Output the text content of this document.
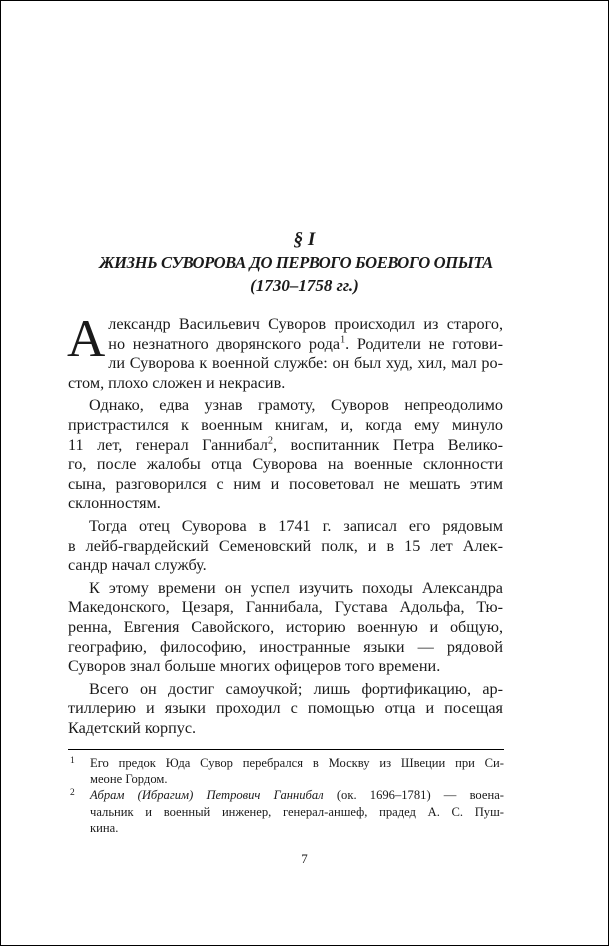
§ I
ЖИЗНЬ СУВОРОВА ДО ПЕРВОГО БОЕВОГО ОПЫТА
(1730–1758 гг.)
А лександр Васильевич Суворов происходил из старого,
но незнатного дворянского рода$^1$. Родители не готови-
ли Суворова к военной службе: он был худ, хил, мал ро-
стом, плохо сложен и некрасив.
Однако, едва узнав грамоту, Суворов непреодолимо
пристрастился к военным книгам, и, когда ему минуло
11 лет, генерал Ганнибал$^2$, воспитанник Петра Велико-
го, после жалобы отца Суворова на военные склонности
сына, разговорился с ним и посоветовал не мешать этим
склонностям.
Тогда отец Суворова в 1741 г. записал его рядовым
в лейб-гвардейский Семеновский полк, и в 15 лет Алек-
сандр начал службу.
К этому времени он успел изучить походы Александра
Македонского, Цезаря, Ганнибала, Густава Адольфа, Тю-
ренна, Евгения Савойского, историю военную и общую,
географию, философию, иностранные языки — рядовой
Суворов знал больше многих офицеров того времени.
Всего он достиг самоучкой; лишь фортификацию, ар-
тиллерию и языки проходил с помощью отца и посещая
Кадетский корпус.
1 Его предок Юда Сувор перебрался в Москву из Швеции при Си-
меоне Гордом.
2 Абрам (Ибрагим) Петрович Ганнибал (ок. 1696–1781) — воена-
чальник и военный инженер, генерал-аншеф, прадед А. С. Пуш-
кина.
7
